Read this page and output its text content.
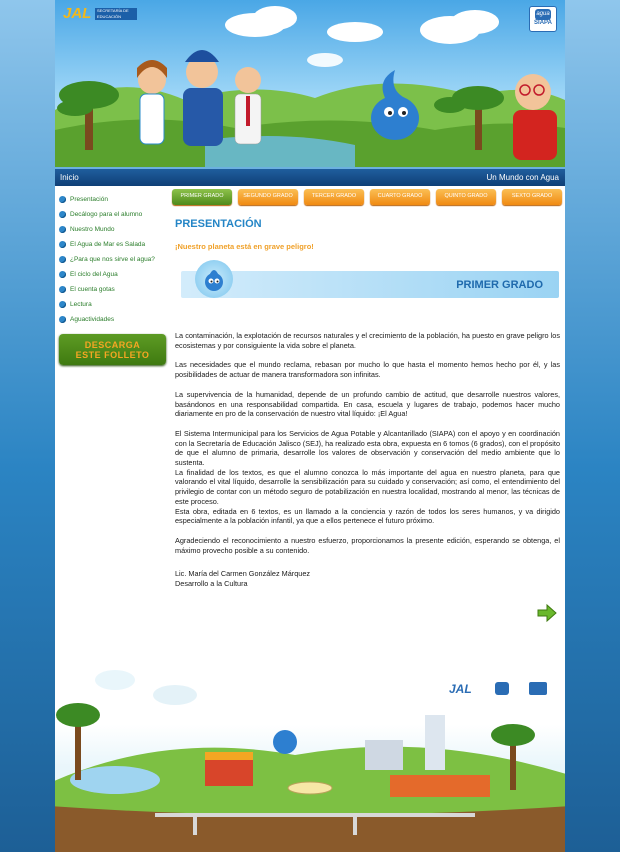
JAL	SECRETARÍA DE EDUCACIÓN	agua
SIAPA
Inicio	Un Mundo con Agua
Presentación
Decálogo para el alumno
Nuestro Mundo
El Agua de Mar es Salada
¿Para que nos sirve el agua?
El ciclo del Agua
El cuenta gotas
Lectura
Aguactividades
DESCARGA
ESTE FOLLETO
PRIMER GRADO	SEGUNDO GRADO	TERCER GRADO	CUARTO GRADO	QUINTO GRADO	SEXTO GRADO
PRESENTACIÓN
¡Nuestro planeta está en grave peligro!
PRIMER GRADO

La contaminación, la explotación de recursos naturales y el crecimiento de la población, ha puesto en grave peligro los ecosistemas y por consiguiente la vida sobre el planeta.

Las necesidades que el mundo reclama, rebasan por mucho lo que hasta el momento hemos hecho por él, y las posibilidades de actuar de manera transformadora son infinitas.

La supervivencia de la humanidad, depende de un profundo cambio de actitud, que desarrolle nuestros valores, basándonos en una responsabilidad compartida. En casa, escuela y lugares de trabajo, podemos hacer mucho diariamente en pro de la conservación de nuestro vital líquido: ¡El Agua!

El Sistema Intermunicipal para los Servicios de Agua Potable y Alcantarillado (SIAPA) con el apoyo y en coordinación con la Secretaría de Educación Jalisco (SEJ), ha realizado esta obra, expuesta en 6 tomos (6 grados), con el propósito de que el alumno de primaria, desarrolle los valores de observación y conservación del medio ambiente que lo sustenta.

La finalidad de los textos, es que el alumno conozca lo más importante del agua en nuestro planeta, para que valorando el vital líquido, desarrolle la sensibilización para su cuidado y conservación; así como, el entendimiento del privilegio de contar con un método seguro de potabilización en nuestra localidad, mostrando al menor, las técnicas de este proceso.

Esta obra, editada en 6 textos, es un llamado a la conciencia y razón de todos los seres humanos, y va dirigido especialmente a la población infantil, ya que a ellos pertenece el futuro próximo.

Agradeciendo el reconocimiento a nuestro esfuerzo, proporcionamos la presente edición, esperando se obtenga, el máximo provecho posible a su contenido.

Lic. María del Carmen González Márquez
Desarrollo a la Cultura
JAL
